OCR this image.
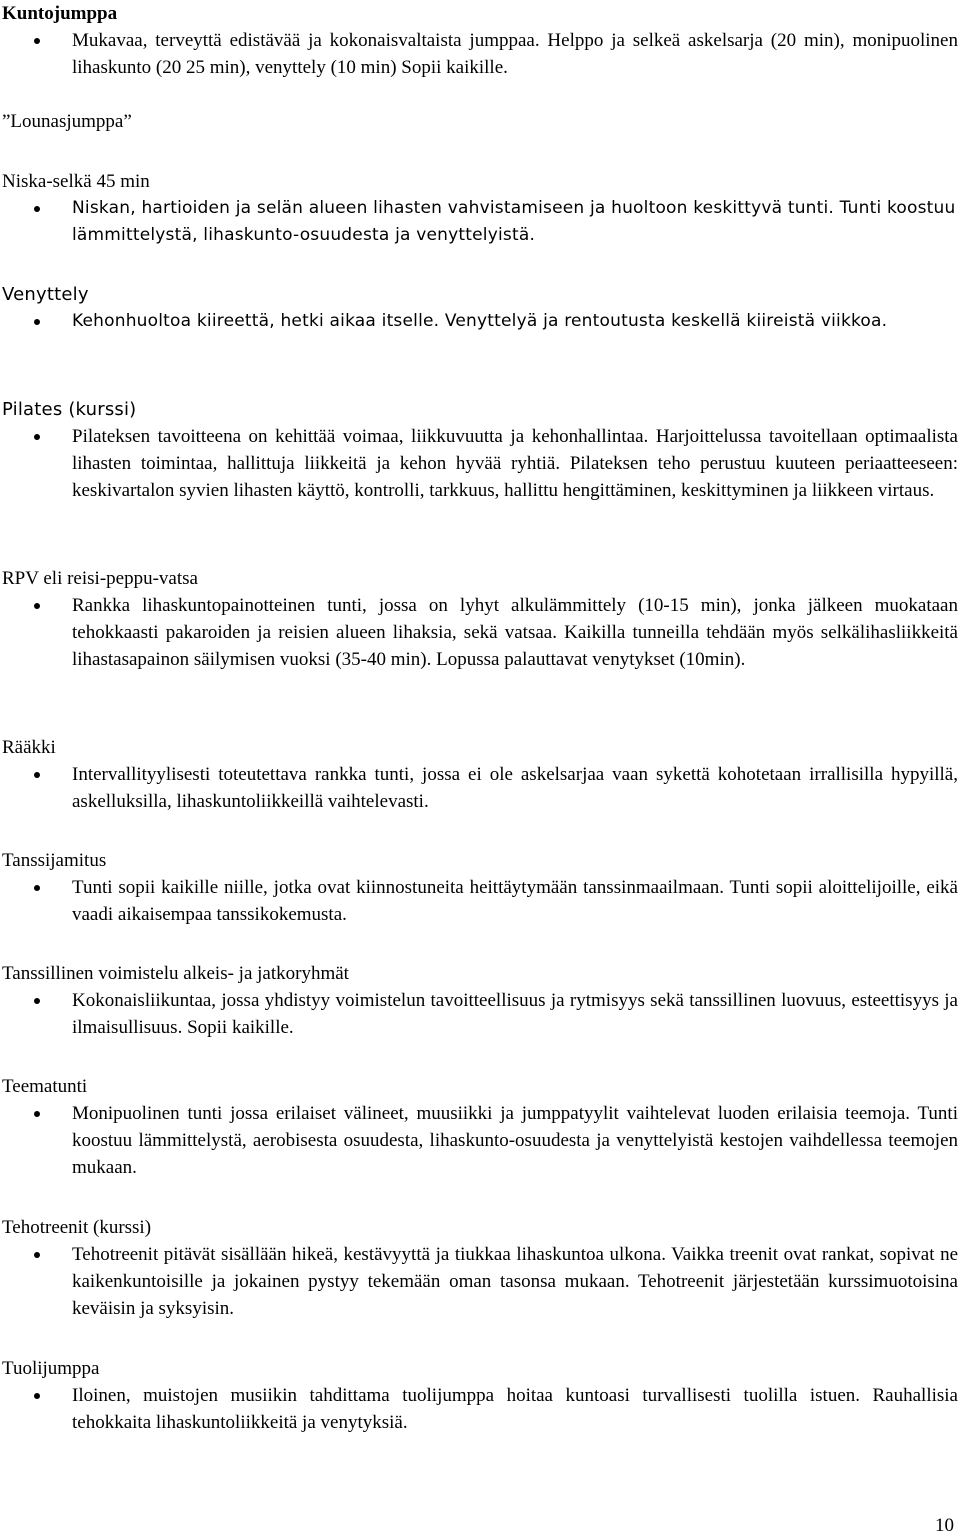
Kuntojumppa
Mukavaa, terveyttä edistävää ja kokonaisvaltaista jumppaa. Helppo ja selkeä askelsarja (20 min), monipuolinen lihaskunto (20 25 min), venyttely (10 min) Sopii kaikille.
”Lounasjumppa”
Niska-selkä 45 min
Niskan, hartioiden ja selän alueen lihasten vahvistamiseen ja huoltoon keskittyvä tunti. Tunti koostuu lämmittelystä, lihaskunto-osuudesta ja venyttelyistä.
Venyttely
Kehonhuoltoa kiireettä, hetki aikaa itselle. Venyttelyä ja rentoutusta keskellä kiireistä viikkoa.
Pilates (kurssi)
Pilateksen tavoitteena on kehittää voimaa, liikkuvuutta ja kehonhallintaa. Harjoittelussa tavoitellaan optimaalista lihasten toimintaa, hallittuja liikkeitä ja kehon hyvää ryhtiä. Pilateksen teho perustuu kuuteen periaatteeseen: keskivartalon syvien lihasten käyttö, kontrolli, tarkkuus, hallittu hengittäminen, keskittyminen ja liikkeen virtaus.
RPV eli reisi-peppu-vatsa
Rankka lihaskuntopainotteinen tunti, jossa on lyhyt alkulämmittely (10-15 min), jonka jälkeen muokataan tehokkaasti pakaroiden ja reisien alueen lihaksia, sekä vatsaa. Kaikilla tunneilla tehdään myös selkälihasliikkeitä lihastasapainon säilymisen vuoksi (35-40 min). Lopussa palauttavat venytykset (10min).
Rääkki
Intervallityylisesti toteutettava rankka tunti, jossa ei ole askelsarjaa vaan sykettä kohotetaan irrallisilla hypyillä, askelluksilla, lihaskuntoliikkeillä vaihtelevasti.
Tanssijamitus
Tunti sopii kaikille niille, jotka ovat kiinnostuneita heittäytymään tanssinmaailmaan. Tunti sopii aloittelijoille, eikä vaadi aikaisempaa tanssikokemusta.
Tanssillinen voimistelu alkeis- ja jatkoryhmät
Kokonaisliikuntaa, jossa yhdistyy voimistelun tavoitteellisuus ja rytmisyys sekä tanssillinen luovuus, esteettisyys ja ilmaisullisuus. Sopii kaikille.
Teematunti
Monipuolinen tunti jossa erilaiset välineet, muusiikki ja jumppatyylit vaihtelevat luoden erilaisia teemoja. Tunti koostuu lämmittelystä, aerobisesta osuudesta, lihaskunto-osuudesta ja venyttelyistä kestojen vaihdellessa teemojen mukaan.
Tehotreenit (kurssi)
Tehotreenit pitävät sisällään hikeä, kestävyyttä ja tiukkaa lihaskuntoa ulkona. Vaikka treenit ovat rankat, sopivat ne kaikenkuntoisille ja jokainen pystyy tekemään oman tasonsa mukaan. Tehotreenit järjestetään kurssimuotoisina keväisin ja syksyisin.
Tuolijumppa
Iloinen, muistojen musiikin tahdittama tuolijumppa hoitaa kuntoasi turvallisesti tuolilla istuen. Rauhallisia tehokkaita lihaskuntoliikkeitä ja venytyksiä.
10
